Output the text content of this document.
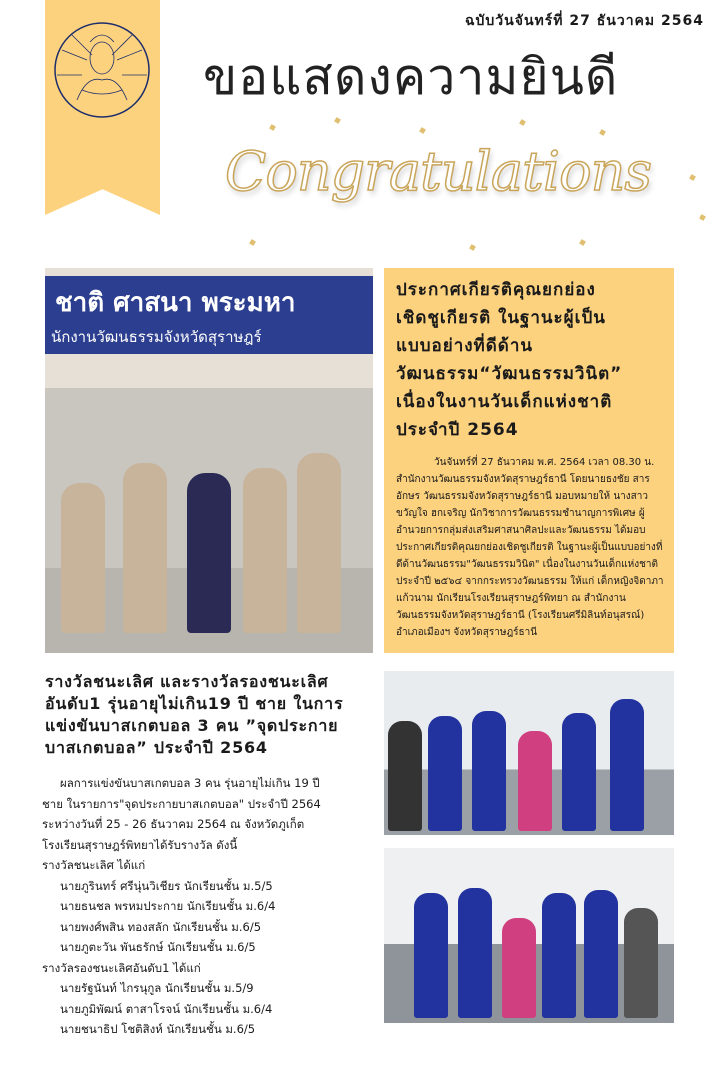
ฉบับวันจันทร์ที่ 27 ธันวาคม 2564
ขอแสดงความยินดี
Congratulations
ชาติ ศาสนา พระมหา
นักงานวัฒนธรรมจังหวัดสุราษฎร์
ประกาศเกียรติคุณยกย่อง
เชิดชูเกียรติ ในฐานะผู้เป็น
แบบอย่างที่ดีด้าน
วัฒนธรรม“วัฒนธรรมวินิต”
เนื่องในงานวันเด็กแห่งชาติ
ประจำปี 2564
วันจันทร์ที่ 27 ธันวาคม พ.ศ. 2564 เวลา 08.30 น. สำนักงานวัฒนธรรมจังหวัดสุราษฎร์ธานี โดยนายธงชัย สารอักษร วัฒนธรรมจังหวัดสุราษฎร์ธานี มอบหมายให้ นางสาวขวัญใจ ฮกเจริญ นักวิชาการวัฒนธรรมชำนาญการพิเศษ ผู้อำนวยการกลุ่มส่งเสริมศาสนาศิลปะและวัฒนธรรม ได้มอบประกาศเกียรติคุณยกย่องเชิดชูเกียรติ ในฐานะผู้เป็นแบบอย่างที่ดีด้านวัฒนธรรม"วัฒนธรรมวินิต" เนื่องในงานวันเด็กแห่งชาติ ประจำปี ๒๕๖๔ จากกระทรวงวัฒนธรรม ให้แก่ เด็กหญิงจิดาภา แก้วนาม นักเรียนโรงเรียนสุราษฎร์พิทยา ณ สำนักงานวัฒนธรรมจังหวัดสุราษฎร์ธานี (โรงเรียนศรีมิลินท์อนุสรณ์) อำเภอเมืองฯ จังหวัดสุราษฎร์ธานี
รางวัลชนะเลิศ และรางวัลรองชนะเลิศ
อันดับ1 รุ่นอายุไม่เกิน19 ปี ชาย ในการ
แข่งขันบาสเกตบอล 3 คน ”จุดประกาย
บาสเกตบอล” ประจำปี 2564
ผลการแข่งขันบาสเกตบอล 3 คน รุ่นอายุไม่เกิน 19 ปี
ชาย ในรายการ"จุดประกายบาสเกตบอล" ประจำปี 2564
ระหว่างวันที่ 25 - 26 ธันวาคม 2564 ณ จังหวัดภูเก็ต
โรงเรียนสุราษฎร์พิทยาได้รับรางวัล ดังนี้
รางวัลชนะเลิศ ได้แก่
นายภูรินทร์ ศรีนุ่นวิเชียร นักเรียนชั้น ม.5/5
นายธนชล พรหมประกาย นักเรียนชั้น ม.6/4
นายพงศ์พสิน ทองสลัก นักเรียนชั้น ม.6/5
นายภูตะวัน พันธรักษ์ นักเรียนชั้น ม.6/5
รางวัลรองชนะเลิศอันดับ1 ได้แก่
นายรัฐนันท์ ไกรนุกูล นักเรียนชั้น ม.5/9
นายภูมิพัฒน์ ตาสาโรจน์ นักเรียนชั้น ม.6/4
นายชนาธิป โชติสิงห์ นักเรียนชั้น ม.6/5
